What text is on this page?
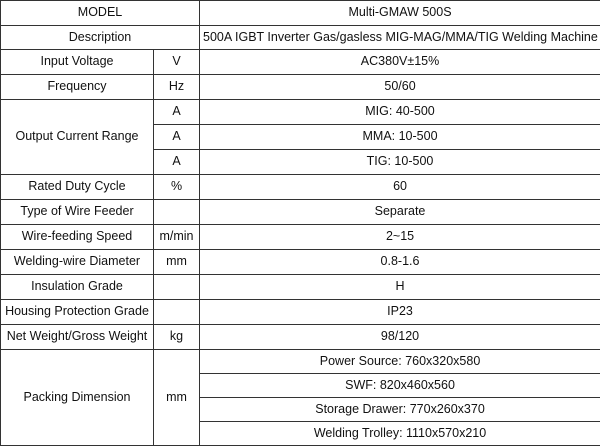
MODEL		Multi-GMAW 500S
Description		500A IGBT Inverter Gas/gasless MIG-MAG/MMA/TIG Welding Machine
Input Voltage	V	AC380V±15%
Frequency	Hz	50/60
Output Current Range	A	MIG: 40-500
	A	MMA: 10-500
	A	TIG: 10-500
Rated Duty Cycle	%	60
Type of Wire Feeder		Separate
Wire-feeding Speed	m/min	2~15
Welding-wire Diameter	mm	0.8-1.6
Insulation Grade		H
Housing Protection Grade		IP23
Net Weight/Gross Weight	kg	98/120
Packing Dimension	mm	Power Source: 760x320x580
		SWF: 820x460x560
		Storage Drawer: 770x260x370
		Welding Trolley: 1110x570x210
